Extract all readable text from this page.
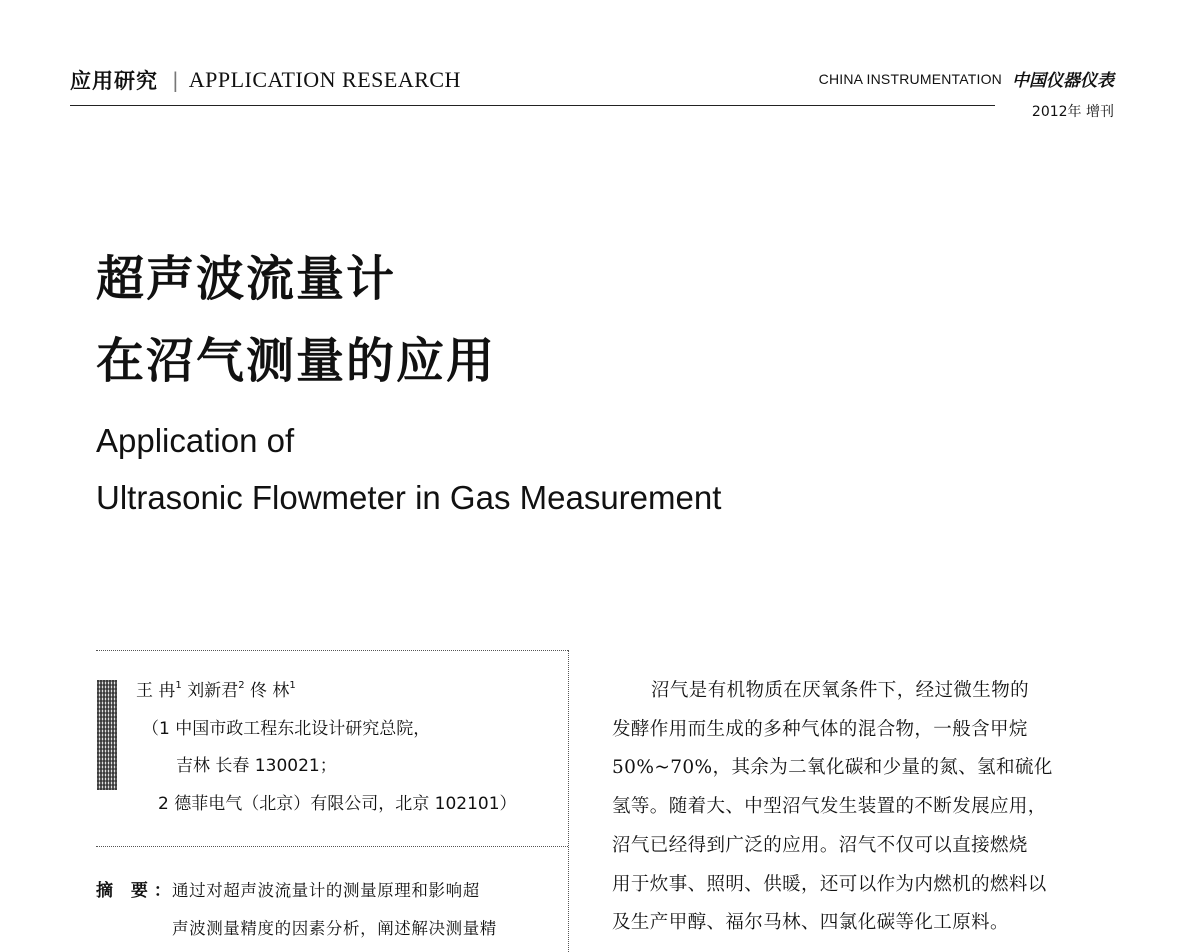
应用研究 | APPLICATION RESEARCH	CHINA INSTRUMENTATION 中国仪器仪表
2012年 增刊
超声波流量计
在沼气测量的应用
Application of
Ultrasonic Flowmeter in Gas Measurement
王 冉$^1$ 刘新君$^2$ 佟 林$^1$
（1 中国市政工程东北设计研究总院，
吉林 长春 130021；
2 德菲电气（北京）有限公司，北京 102101）
摘 要：
通过对超声波流量计的测量原理和影响超
声波测量精度的因素分析，阐述解决测量精
沼气是有机物质在厌氧条件下，经过微生物的
发酵作用而生成的多种气体的混合物，一般含甲烷
50%~70%，其余为二氧化碳和少量的氮、氢和硫化
氢等。随着大、中型沼气发生装置的不断发展应用，
沼气已经得到广泛的应用。沼气不仅可以直接燃烧
用于炊事、照明、供暖，还可以作为内燃机的燃料以
及生产甲醇、福尔马林、四氯化碳等化工原料。
